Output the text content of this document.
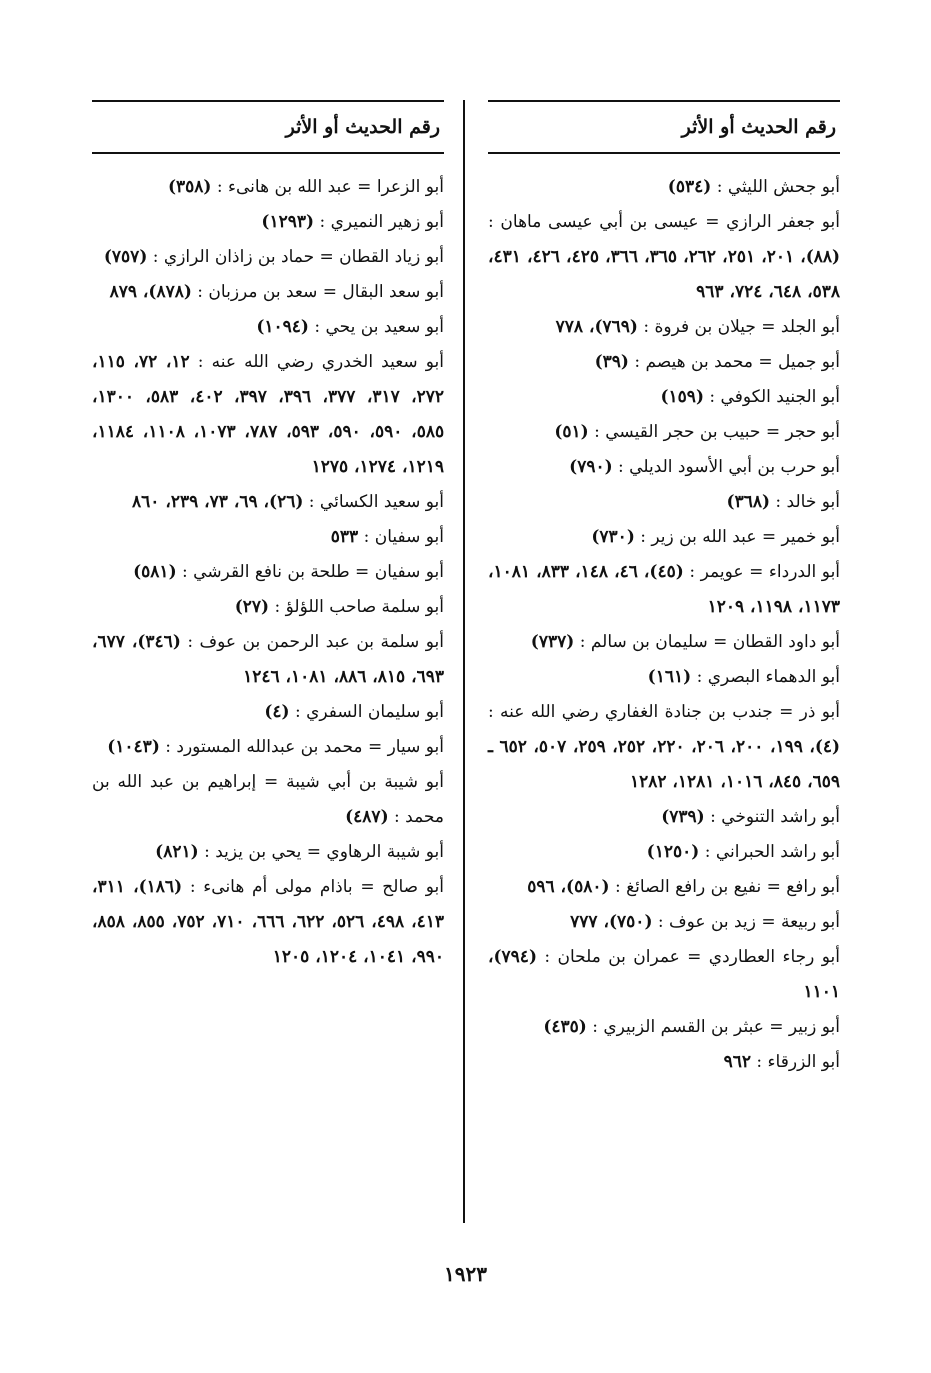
رقم الحديث أو الأثر
أبو جحش الليثي : (٥٣٤)
أبو جعفر الرازي = عيسى بن أبي عيسى ماهان : (٨٨)، ٢٠١، ٢٥١، ٢٦٢، ٣٦٥، ٣٦٦، ٤٢٥، ٤٢٦، ٤٣١، ٥٣٨، ٦٤٨، ٧٢٤، ٩٦٣
أبو الجلد = جيلان بن فروة : (٧٦٩)، ٧٧٨
أبو جميل = محمد بن هيصم : (٣٩)
أبو الجنيد الكوفي : (١٥٩)
أبو حجر = حبيب بن حجر القيسي : (٥١)
أبو حرب بن أبي الأسود الديلي : (٧٩٠)
أبو خالد : (٣٦٨)
أبو خمير = عبد الله بن زير : (٧٣٠)
أبو الدرداء = عويمر : (٤٥)، ٤٦، ١٤٨، ٨٣٣، ١٠٨١، ١١٧٣، ١١٩٨، ١٢٠٩
أبو داود القطان = سليمان بن سالم : (٧٣٧)
أبو الدهماء البصري : (١٦١)
أبو ذر = جندب بن جنادة الغفاري رضي الله عنه : (٤)، ١٩٩، ٢٠٠، ٢٠٦، ٢٢٠، ٢٥٢، ٢٥٩، ٥٠٧، ٦٥٢ ـ ٦٥٩، ٨٤٥، ١٠١٦، ١٢٨١، ١٢٨٢
أبو راشد التنوخي : (٧٣٩)
أبو راشد الحبراني : (١٢٥٠)
أبو رافع = نفيع بن رافع الصائغ : (٥٨٠)، ٥٩٦
أبو ربيعة = زيد بن عوف : (٧٥٠)، ٧٧٧
أبو رجاء العطاردي = عمران بن ملحان : (٧٩٤)، ١١٠١
أبو زبير = عبثر بن القسم الزبيري : (٤٣٥)
أبو الزرقاء : ٩٦٢
رقم الحديث أو الأثر
أبو الزعرا = عبد الله بن هانىء : (٣٥٨)
أبو زهير النميري : (١٢٩٣)
أبو زياد القطان = حماد بن زاذان الرازي : (٧٥٧)
أبو سعد البقال = سعد بن مرزبان : (٨٧٨)، ٨٧٩
أبو سعيد بن يحي : (١٠٩٤)
أبو سعيد الخدري رضي الله عنه : ١٢، ٧٢، ١١٥، ٢٧٢، ٣١٧، ٣٧٧، ٣٩٦، ٣٩٧، ٤٠٢، ٥٨٣، ١٣٠٠، ٥٨٥، ٥٩٠، ٥٩٠، ٥٩٣، ٧٨٧، ١٠٧٣، ١١٠٨، ١١٨٤، ١٢١٩، ١٢٧٤، ١٢٧٥
أبو سعيد الكسائي : (٢٦)، ٦٩، ٧٣، ٢٣٩، ٨٦٠
أبو سفيان : ٥٣٣
أبو سفيان = طلحة بن نافع القرشي : (٥٨١)
أبو سلمة صاحب اللؤلؤ : (٢٧)
أبو سلمة بن عبد الرحمن بن عوف : (٣٤٦)، ٦٧٧، ٦٩٣، ٨١٥، ٨٨٦، ١٠٨١، ١٢٤٦
أبو سليمان السفري : (٤)
أبو سيار = محمد بن عبدالله المستورد : (١٠٤٣)
أبو شيبة بن أبي شيبة = إبراهيم بن عبد الله بن محمد : (٤٨٧)
أبو شيبة الرهاوي = يحي بن يزيد : (٨٢١)
أبو صالح = باذام مولى أم هانىء : (١٨٦)، ٣١١، ٤١٣، ٤٩٨، ٥٢٦، ٦٢٢، ٦٦٦، ٧١٠، ٧٥٢، ٨٥٥، ٨٥٨، ٩٩٠، ١٠٤١، ١٢٠٤، ١٢٠٥
١٩٢٣
